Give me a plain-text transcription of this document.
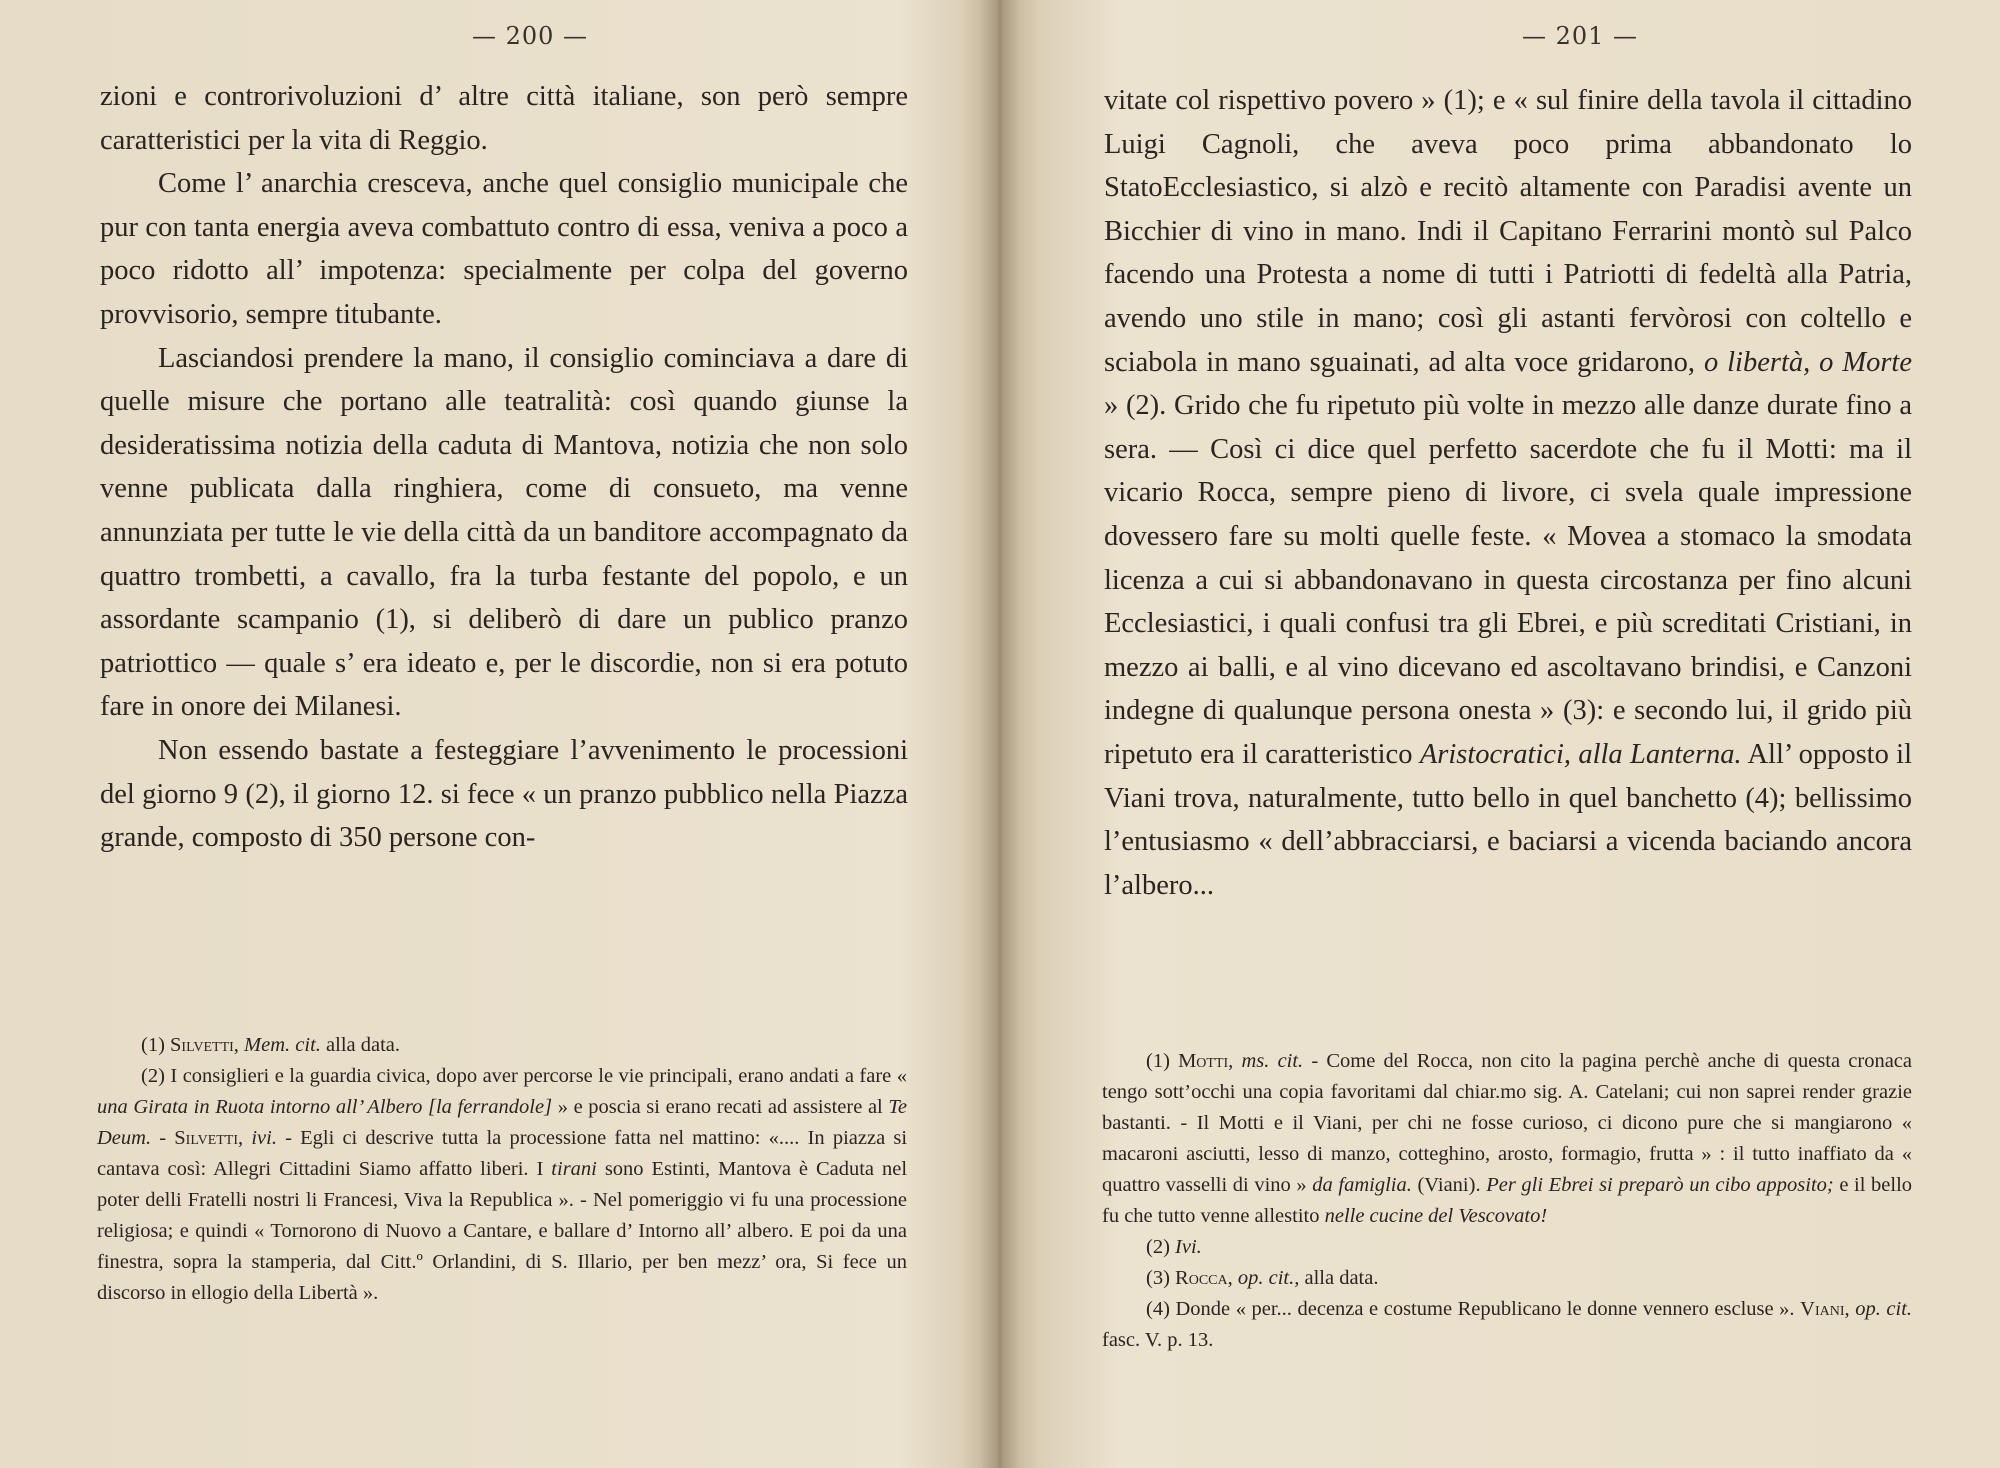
— 200 —

zioni e controrivoluzioni d’ altre città italiane, son però sempre caratteristici per la vita di Reggio.

Come l’ anarchia cresceva, anche quel consiglio municipale che pur con tanta energia aveva combattuto contro di essa, veniva a poco a poco ridotto all’ impotenza: specialmente per colpa del governo provvisorio, sempre titubante.

Lasciandosi prendere la mano, il consiglio cominciava a dare di quelle misure che portano alle teatralità: così quando giunse la desideratissima notizia della caduta di Mantova, notizia che non solo venne publicata dalla ringhiera, come di consueto, ma venne annunziata per tutte le vie della città da un banditore accompagnato da quattro trombetti, a cavallo, fra la turba festante del popolo, e un assordante scampanio (1), si deliberò di dare un publico pranzo patriottico — quale s’ era ideato e, per le discordie, non si era potuto fare in onore dei Milanesi.

Non essendo bastate a festeggiare l’avvenimento le processioni del giorno 9 (2), il giorno 12. si fece « un pranzo pubblico nella Piazza grande, composto di 350 persone con-

(1) Silvetti, Mem. cit. alla data.

(2) I consiglieri e la guardia civica, dopo aver percorse le vie principali, erano andati a fare « una Girata in Ruota intorno all’ Albero [la ferrandole] » e poscia si erano recati ad assistere al Te Deum. - Silvetti, ivi. - Egli ci descrive tutta la processione fatta nel mattino: «.... In piazza si cantava così: Allegri Cittadini Siamo affatto liberi. I tirani sono Estinti, Mantova è Caduta nel poter delli Fratelli nostri li Francesi, Viva la Republica ». - Nel pomeriggio vi fu una processione religiosa; e quindi « Tornorono di Nuovo a Cantare, e ballare d’ Intorno all’ albero. E poi da una finestra, sopra la stamperia, dal Citt.º Orlandini, di S. Illario, per ben mezz’ ora, Si fece un discorso in ellogio della Libertà ».

— 201 —

vitate col rispettivo povero » (1); e « sul finire della tavola il cittadino Luigi Cagnoli, che aveva poco prima abbandonato lo StatoEcclesiastico, si alzò e recitò altamente con Paradisi avente un Bicchier di vino in mano. Indi il Capitano Ferrarini montò sul Palco facendo una Protesta a nome di tutti i Patriotti di fedeltà alla Patria, avendo uno stile in mano; così gli astanti fervòrosi con coltello e sciabola in mano sguainati, ad alta voce gridarono, o libertà, o Morte » (2). Grido che fu ripetuto più volte in mezzo alle danze durate fino a sera. — Così ci dice quel perfetto sacerdote che fu il Motti: ma il vicario Rocca, sempre pieno di livore, ci svela quale impressione dovessero fare su molti quelle feste. « Movea a stomaco la smodata licenza a cui si abbandonavano in questa circostanza per fino alcuni Ecclesiastici, i quali confusi tra gli Ebrei, e più screditati Cristiani, in mezzo ai balli, e al vino dicevano ed ascoltavano brindisi, e Canzoni indegne di qualunque persona onesta » (3): e secondo lui, il grido più ripetuto era il caratteristico Aristocratici, alla Lanterna. All’ opposto il Viani trova, naturalmente, tutto bello in quel banchetto (4); bellissimo l’entusiasmo « dell’abbracciarsi, e baciarsi a vicenda baciando ancora l’albero...

(1) Motti, ms. cit. - Come del Rocca, non cito la pagina perchè anche di questa cronaca tengo sott’occhi una copia favoritami dal chiar.mo sig. A. Catelani; cui non saprei render grazie bastanti. - Il Motti e il Viani, per chi ne fosse curioso, ci dicono pure che si mangiarono « macaroni asciutti, lesso di manzo, cotteghino, arosto, formagio, frutta » : il tutto inaffiato da « quattro vasselli di vino » da famiglia. (Viani). Per gli Ebrei si preparò un cibo apposito; e il bello fu che tutto venne allestito nelle cucine del Vescovato!

(2) Ivi.

(3) Rocca, op. cit., alla data.

(4) Donde « per... decenza e costume Republicano le donne vennero escluse ». Viani, op. cit. fasc. V. p. 13.
